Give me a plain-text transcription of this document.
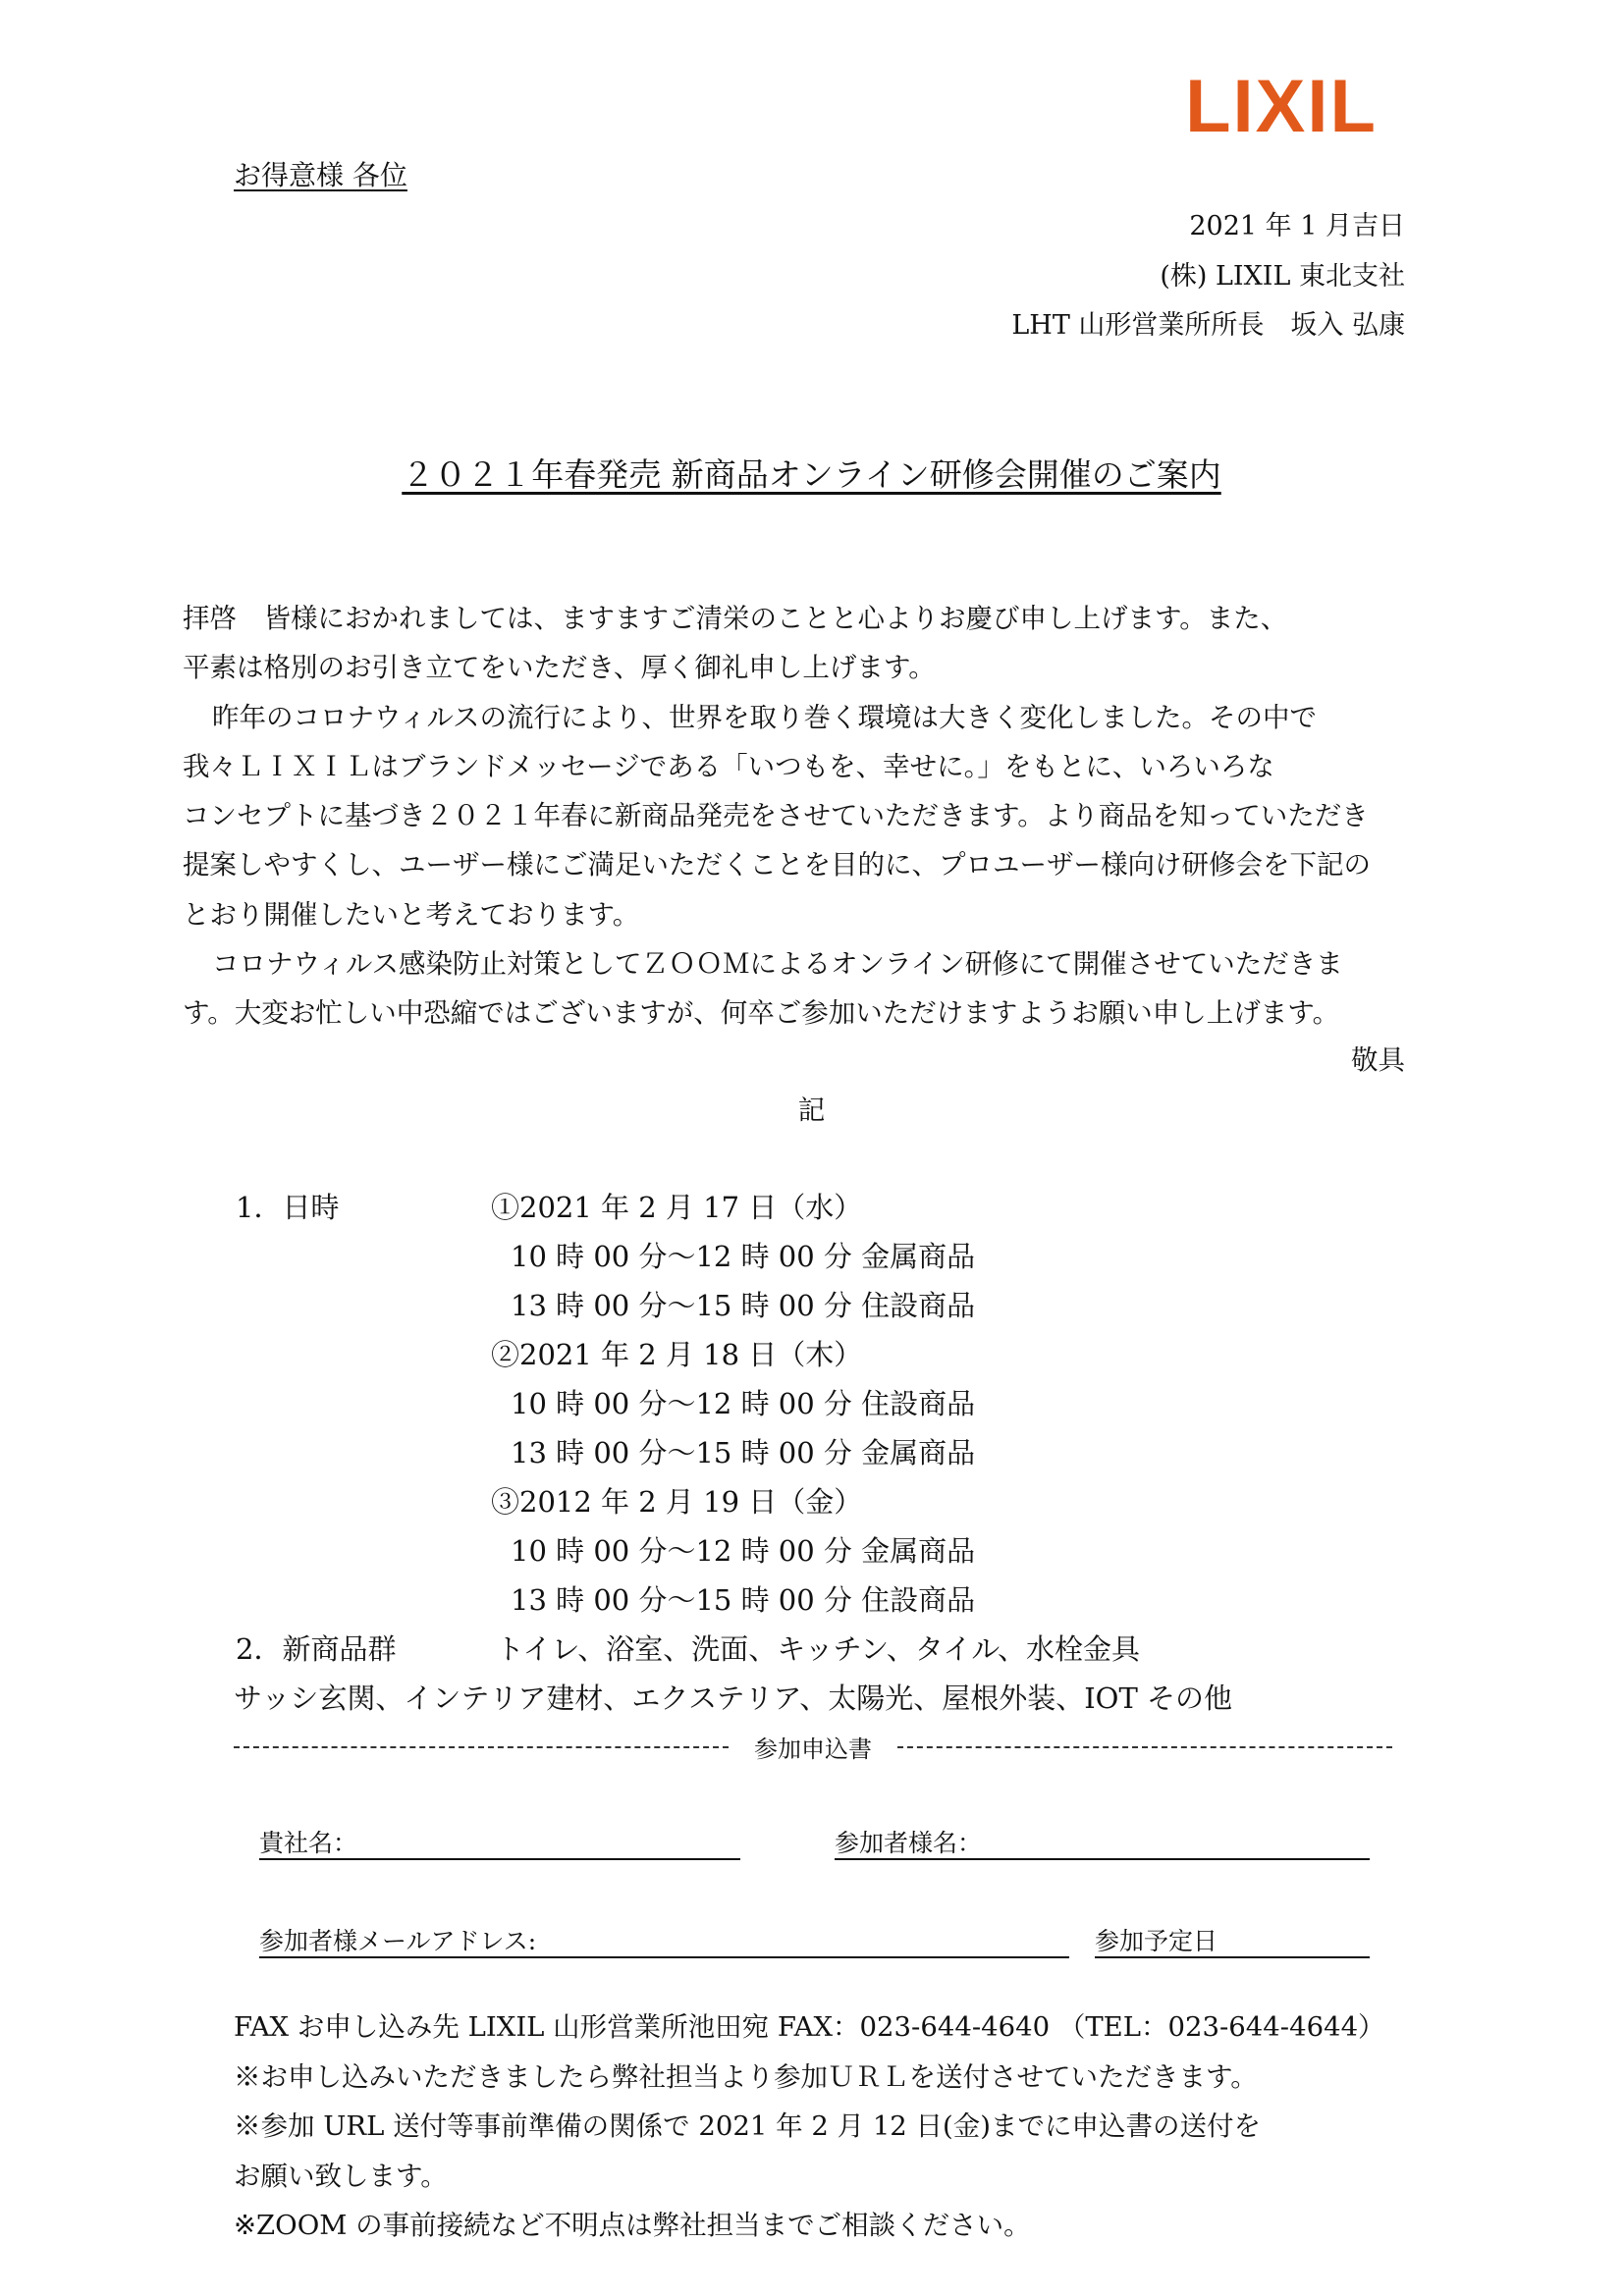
LIXIL
お得意様 各位
2021 年 1 月吉日
(株) LIXIL 東北支社
LHT 山形営業所所長　坂入 弘康
２０２１年春発売 新商品オンライン研修会開催のご案内
拝啓　皆様におかれましては、ますますご清栄のことと心よりお慶び申し上げます。また、
平素は格別のお引き立てをいただき、厚く御礼申し上げます。
昨年のコロナウィルスの流行により、世界を取り巻く環境は大きく変化しました。その中で
我々ＬＩＸＩＬはブランドメッセージである「いつもを、幸せに。」をもとに、いろいろな
コンセプトに基づき２０２１年春に新商品発売をさせていただきます。より商品を知っていただき
提案しやすくし、ユーザー様にご満足いただくことを目的に、プロユーザー様向け研修会を下記の
とおり開催したいと考えております。
コロナウィルス感染防止対策としてＺＯＯＭによるオンライン研修にて開催させていただきま
す。大変お忙しい中恐縮ではございますが、何卒ご参加いただけますようお願い申し上げます。
敬具
記
1．日時	①2021 年 2 月 17 日（水）
10 時 00 分～12 時 00 分 金属商品
13 時 00 分～15 時 00 分 住設商品
②2021 年 2 月 18 日（木）
10 時 00 分～12 時 00 分 住設商品
13 時 00 分～15 時 00 分 金属商品
③2012 年 2 月 19 日（金）
10 時 00 分～12 時 00 分 金属商品
13 時 00 分～15 時 00 分 住設商品
2．新商品群	トイレ、浴室、洗面、キッチン、タイル、水栓金具
サッシ玄関、インテリア建材、エクステリア、太陽光、屋根外装、IOT その他
参加申込書
貴社名：	参加者様名：
参加者様メールアドレス:	参加予定日
FAX お申し込み先 LIXIL 山形営業所池田宛 FAX：023-644-4640 （TEL：023-644-4644）
※お申し込みいただきましたら弊社担当より参加ＵＲＬを送付させていただきます。
※参加 URL 送付等事前準備の関係で 2021 年 2 月 12 日(金)までに申込書の送付を
お願い致します。
※ZOOM の事前接続など不明点は弊社担当までご相談ください。
